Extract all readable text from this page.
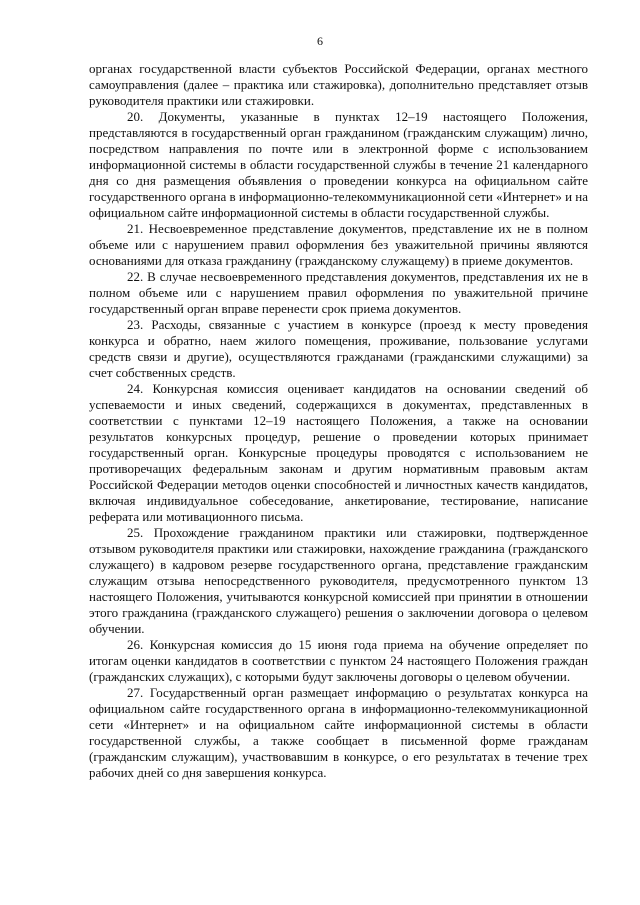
6

органах государственной власти субъектов Российской Федерации, органах местного самоуправления (далее – практика или стажировка), дополнительно представляет отзыв руководителя практики или стажировки.

20. Документы, указанные в пунктах 12–19 настоящего Положения, представляются в государственный орган гражданином (гражданским служащим) лично, посредством направления по почте или в электронной форме с использованием информационной системы в области государственной службы в течение 21 календарного дня со дня размещения объявления о проведении конкурса на официальном сайте государственного органа в информационно-телекоммуникационной сети «Интернет» и на официальном сайте информационной системы в области государственной службы.

21. Несвоевременное представление документов, представление их не в полном объеме или с нарушением правил оформления без уважительной причины являются основаниями для отказа гражданину (гражданскому служащему) в приеме документов.

22. В случае несвоевременного представления документов, представления их не в полном объеме или с нарушением правил оформления по уважительной причине государственный орган вправе перенести срок приема документов.

23. Расходы, связанные с участием в конкурсе (проезд к месту проведения конкурса и обратно, наем жилого помещения, проживание, пользование услугами средств связи и другие), осуществляются гражданами (гражданскими служащими) за счет собственных средств.

24. Конкурсная комиссия оценивает кандидатов на основании сведений об успеваемости и иных сведений, содержащихся в документах, представленных в соответствии с пунктами 12–19 настоящего Положения, а также на основании результатов конкурсных процедур, решение о проведении которых принимает государственный орган. Конкурсные процедуры проводятся с использованием не противоречащих федеральным законам и другим нормативным правовым актам Российской Федерации методов оценки способностей и личностных качеств кандидатов, включая индивидуальное собеседование, анкетирование, тестирование, написание реферата или мотивационного письма.

25. Прохождение гражданином практики или стажировки, подтвержденное отзывом руководителя практики или стажировки, нахождение гражданина (гражданского служащего) в кадровом резерве государственного органа, представление гражданским служащим отзыва непосредственного руководителя, предусмотренного пунктом 13 настоящего Положения, учитываются конкурсной комиссией при принятии в отношении этого гражданина (гражданского служащего) решения о заключении договора о целевом обучении.

26. Конкурсная комиссия до 15 июня года приема на обучение определяет по итогам оценки кандидатов в соответствии с пунктом 24 настоящего Положения граждан (гражданских служащих), с которыми будут заключены договоры о целевом обучении.

27. Государственный орган размещает информацию о результатах конкурса на официальном сайте государственного органа в информационно-телекоммуникационной сети «Интернет» и на официальном сайте информационной системы в области государственной службы, а также сообщает в письменной форме гражданам (гражданским служащим), участвовавшим в конкурсе, о его результатах в течение трех рабочих дней со дня завершения конкурса.
